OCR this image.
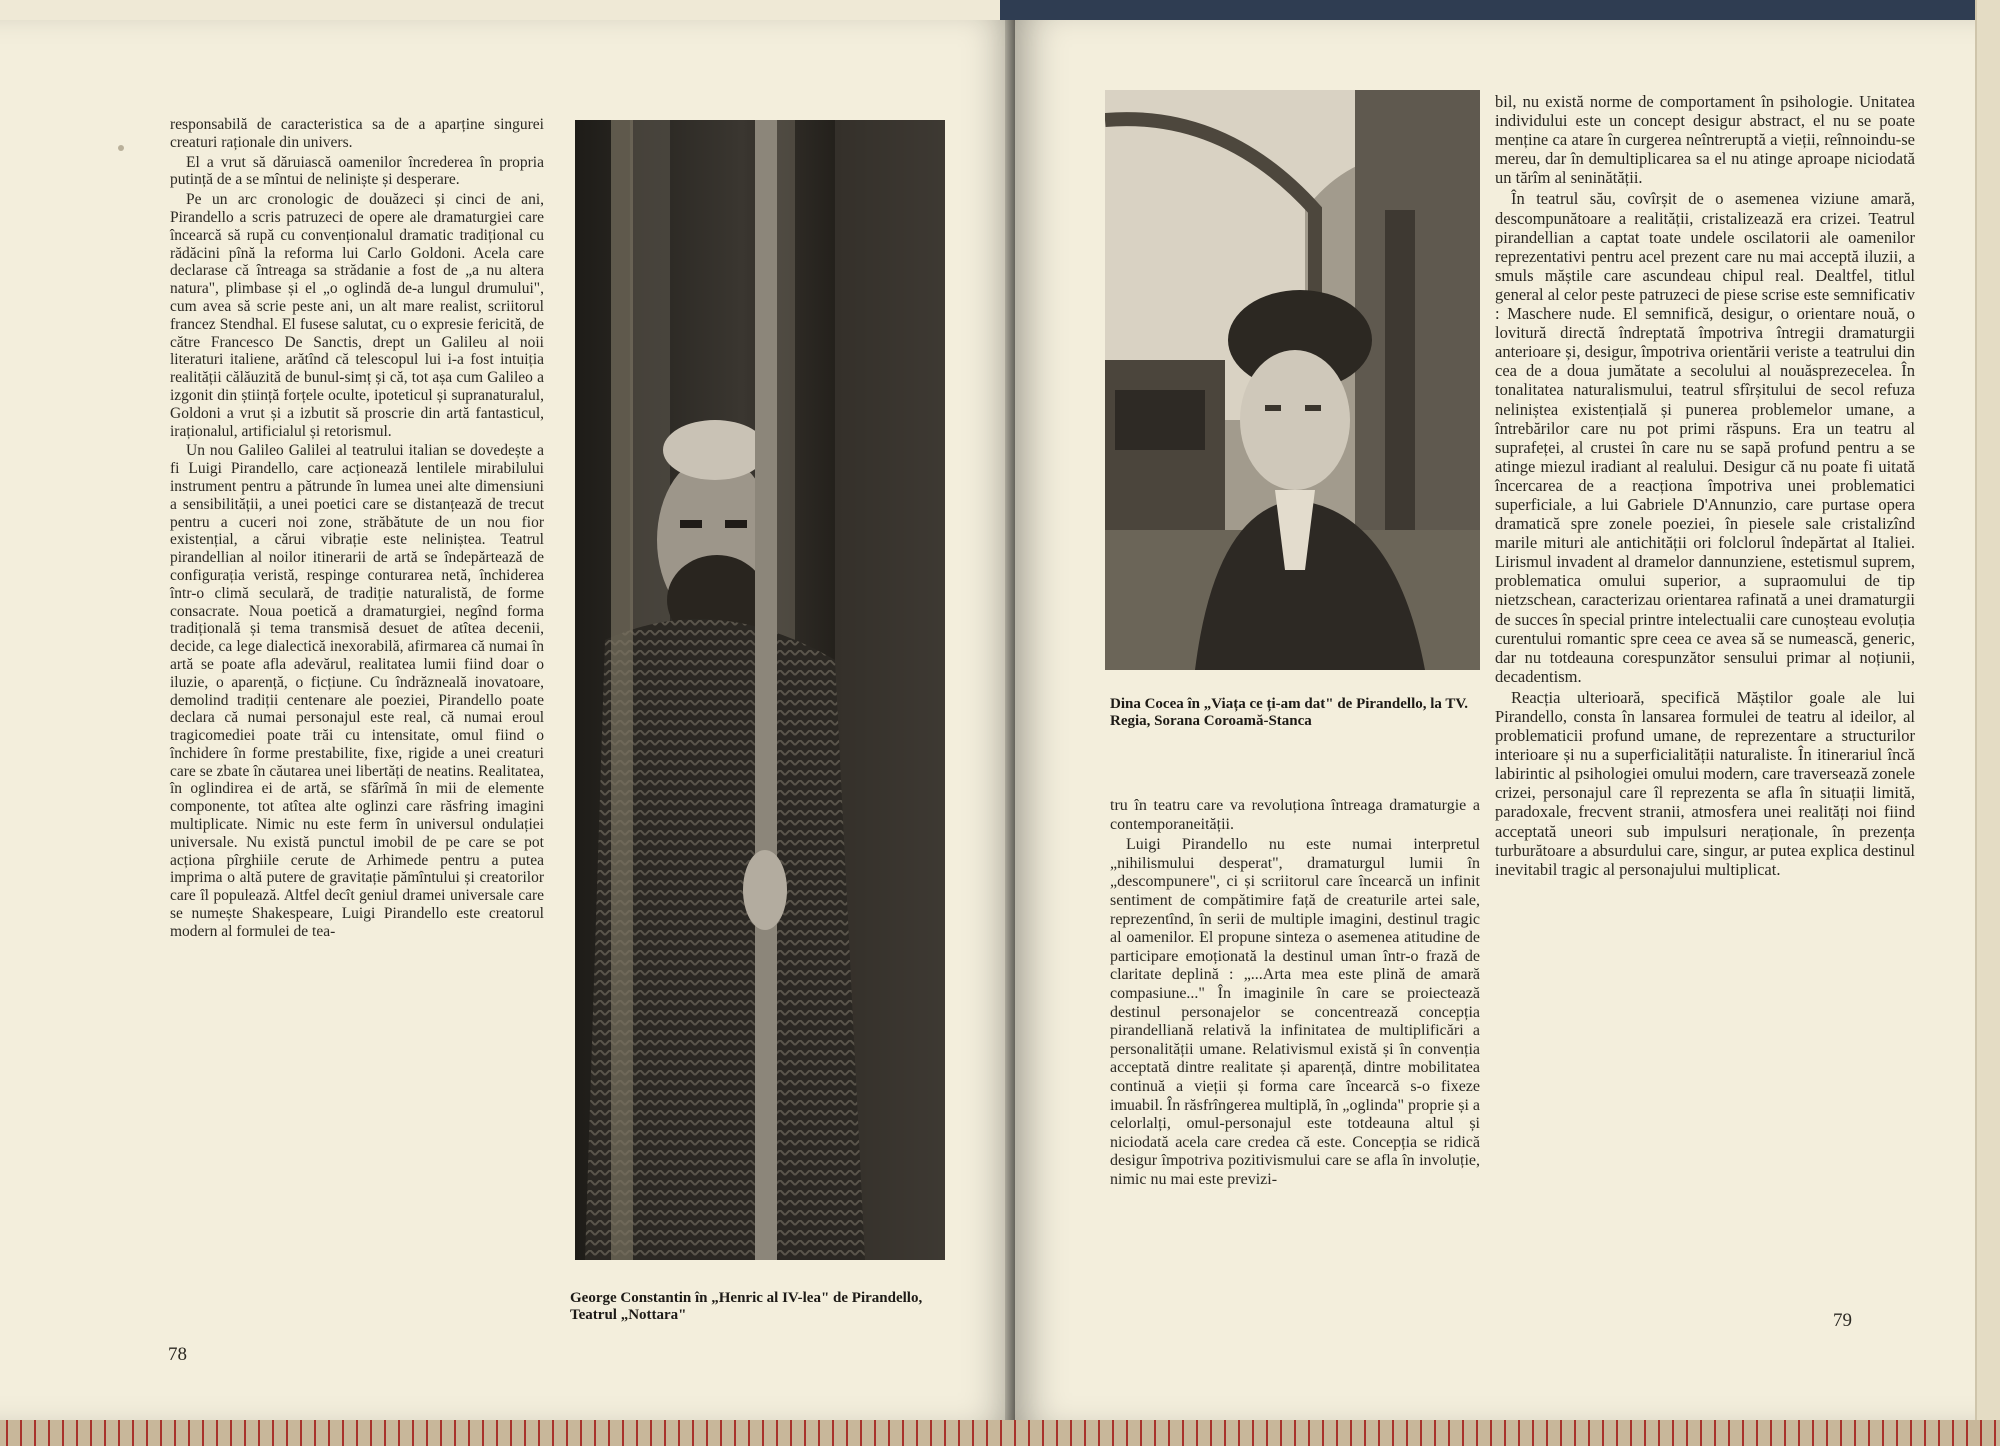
responsabilă de caracteristica sa de a aparține singurei creaturi raționale din univers.

El a vrut să dăruiască oamenilor încrederea în propria putință de a se mîntui de neliniște și desperare.

Pe un arc cronologic de douăzeci și cinci de ani, Pirandello a scris patruzeci de opere ale dramaturgiei care încearcă să rupă cu convenționalul dramatic tradițional cu rădăcini pînă la reforma lui Carlo Goldoni. Acela care declarase că întreaga sa strădanie a fost de „a nu altera natura", plimbase și el „o oglindă de-a lungul drumului", cum avea să scrie peste ani, un alt mare realist, scriitorul francez Stendhal. El fusese salutat, cu o expresie fericită, de către Francesco De Sanctis, drept un Galileu al noii literaturi italiene, arătînd că telescopul lui i-a fost intuiția realității călăuzită de bunul-simț și că, tot așa cum Galileo a izgonit din știință forțele oculte, ipoteticul și supranaturalul, Goldoni a vrut și a izbutit să proscrie din artă fantasticul, iraționalul, artificialul și retorismul.

Un nou Galileo Galilei al teatrului italian se dovedește a fi Luigi Pirandello, care acționează lentilele mirabilului instrument pentru a pătrunde în lumea unei alte dimensiuni a sensibilității, a unei poetici care se distanțează de trecut pentru a cuceri noi zone, străbătute de un nou fior existențial, a cărui vibrație este neliniștea. Teatrul pirandellian al noilor itinerarii de artă se îndepărtează de configurația veristă, respinge conturarea netă, închiderea într-o climă seculară, de tradiție naturalistă, de forme consacrate. Noua poetică a dramaturgiei, negînd forma tradițională și tema transmisă desuet de atîtea decenii, decide, ca lege dialectică inexorabilă, afirmarea că numai în artă se poate afla adevărul, realitatea lumii fiind doar o iluzie, o aparență, o ficțiune. Cu îndrăzneală inovatoare, demolind tradiții centenare ale poeziei, Pirandello poate declara că numai personajul este real, că numai eroul tragicomediei poate trăi cu intensitate, omul fiind o închidere în forme prestabilite, fixe, rigide a unei creaturi care se zbate în căutarea unei libertăți de neatins. Realitatea, în oglindirea ei de artă, se sfărîmă în mii de elemente componente, tot atîtea alte oglinzi care răsfring imagini multiplicate. Nimic nu este ferm în universul ondulației universale. Nu există punctul imobil de pe care se pot acționa pîrghiile cerute de Arhimede pentru a putea imprima o altă putere de gravitație pămîntului și creatorilor care îl populează. Altfel decît geniul dramei universale care se numește Shakespeare, Luigi Pirandello este creatorul modern al formulei de tea-

George Constantin în „Henric al IV-lea" de Pirandello, Teatrul „Nottara"
78
Dina Cocea în „Viața ce ți-am dat" de Pirandello, la TV. Regia, Sorana Coroamă-Stanca

tru în teatru care va revoluționa întreaga dramaturgie a contemporaneității.

Luigi Pirandello nu este numai interpretul „nihilismului desperat", dramaturgul lumii în „descompunere", ci și scriitorul care încearcă un infinit sentiment de compătimire față de creaturile artei sale, reprezentînd, în serii de multiple imagini, destinul tragic al oamenilor. El propune sinteza o asemenea atitudine de participare emoționată la destinul uman într-o frază de claritate deplină : „...Arta mea este plină de amară compasiune..." În imaginile în care se proiectează destinul personajelor se concentrează concepția pirandelliană relativă la infinitatea de multiplificări a personalității umane. Relativismul există și în convenția acceptată dintre realitate și aparență, dintre mobilitatea continuă a vieții și forma care încearcă s-o fixeze imuabil. În răsfrîngerea multiplă, în „oglinda" proprie și a celorlalți, omul-personajul este totdeauna altul și niciodată acela care credea că este. Concepția se ridică desigur împotriva pozitivismului care se afla în involuție, nimic nu mai este previzi-

bil, nu există norme de comportament în psihologie. Unitatea individului este un concept desigur abstract, el nu se poate menține ca atare în curgerea neîntreruptă a vieții, reînnoindu-se mereu, dar în demultiplicarea sa el nu atinge aproape niciodată un tărîm al seninătății.

În teatrul său, covîrșit de o asemenea viziune amară, descompunătoare a realității, cristalizează era crizei. Teatrul pirandellian a captat toate undele oscilatorii ale oamenilor reprezentativi pentru acel prezent care nu mai acceptă iluzii, a smuls măștile care ascundeau chipul real. Dealtfel, titlul general al celor peste patruzeci de piese scrise este semnificativ : Maschere nude. El semnifică, desigur, o orientare nouă, o lovitură directă îndreptată împotriva întregii dramaturgii anterioare și, desigur, împotriva orientării veriste a teatrului din cea de a doua jumătate a secolului al nouăsprezecelea. În tonalitatea naturalismului, teatrul sfîrșitului de secol refuza neliniștea existențială și punerea problemelor umane, a întrebărilor care nu pot primi răspuns. Era un teatru al suprafeței, al crustei în care nu se sapă profund pentru a se atinge miezul iradiant al realului. Desigur că nu poate fi uitată încercarea de a reacționa împotriva unei problematici superficiale, a lui Gabriele D'Annunzio, care purtase opera dramatică spre zonele poeziei, în piesele sale cristalizînd marile mituri ale antichității ori folclorul îndepărtat al Italiei. Lirismul invadent al dramelor dannunziene, estetismul suprem, problematica omului superior, a supraomului de tip nietzschean, caracterizau orientarea rafinată a unei dramaturgii de succes în special printre intelectualii care cunoșteau evoluția curentului romantic spre ceea ce avea să se numească, generic, dar nu totdeauna corespunzător sensului primar al noțiunii, decadentism.

Reacția ulterioară, specifică Măștilor goale ale lui Pirandello, consta în lansarea formulei de teatru al ideilor, al problematicii profund umane, de reprezentare a structurilor interioare și nu a superficialității naturaliste. În itinerariul încă labirintic al psihologiei omului modern, care traversează zonele crizei, personajul care îl reprezenta se afla în situații limită, paradoxale, frecvent stranii, atmosfera unei realități noi fiind acceptată uneori sub impulsuri neraționale, în prezența turburătoare a absurdului care, singur, ar putea explica destinul inevitabil tragic al personajului multiplicat.

79
